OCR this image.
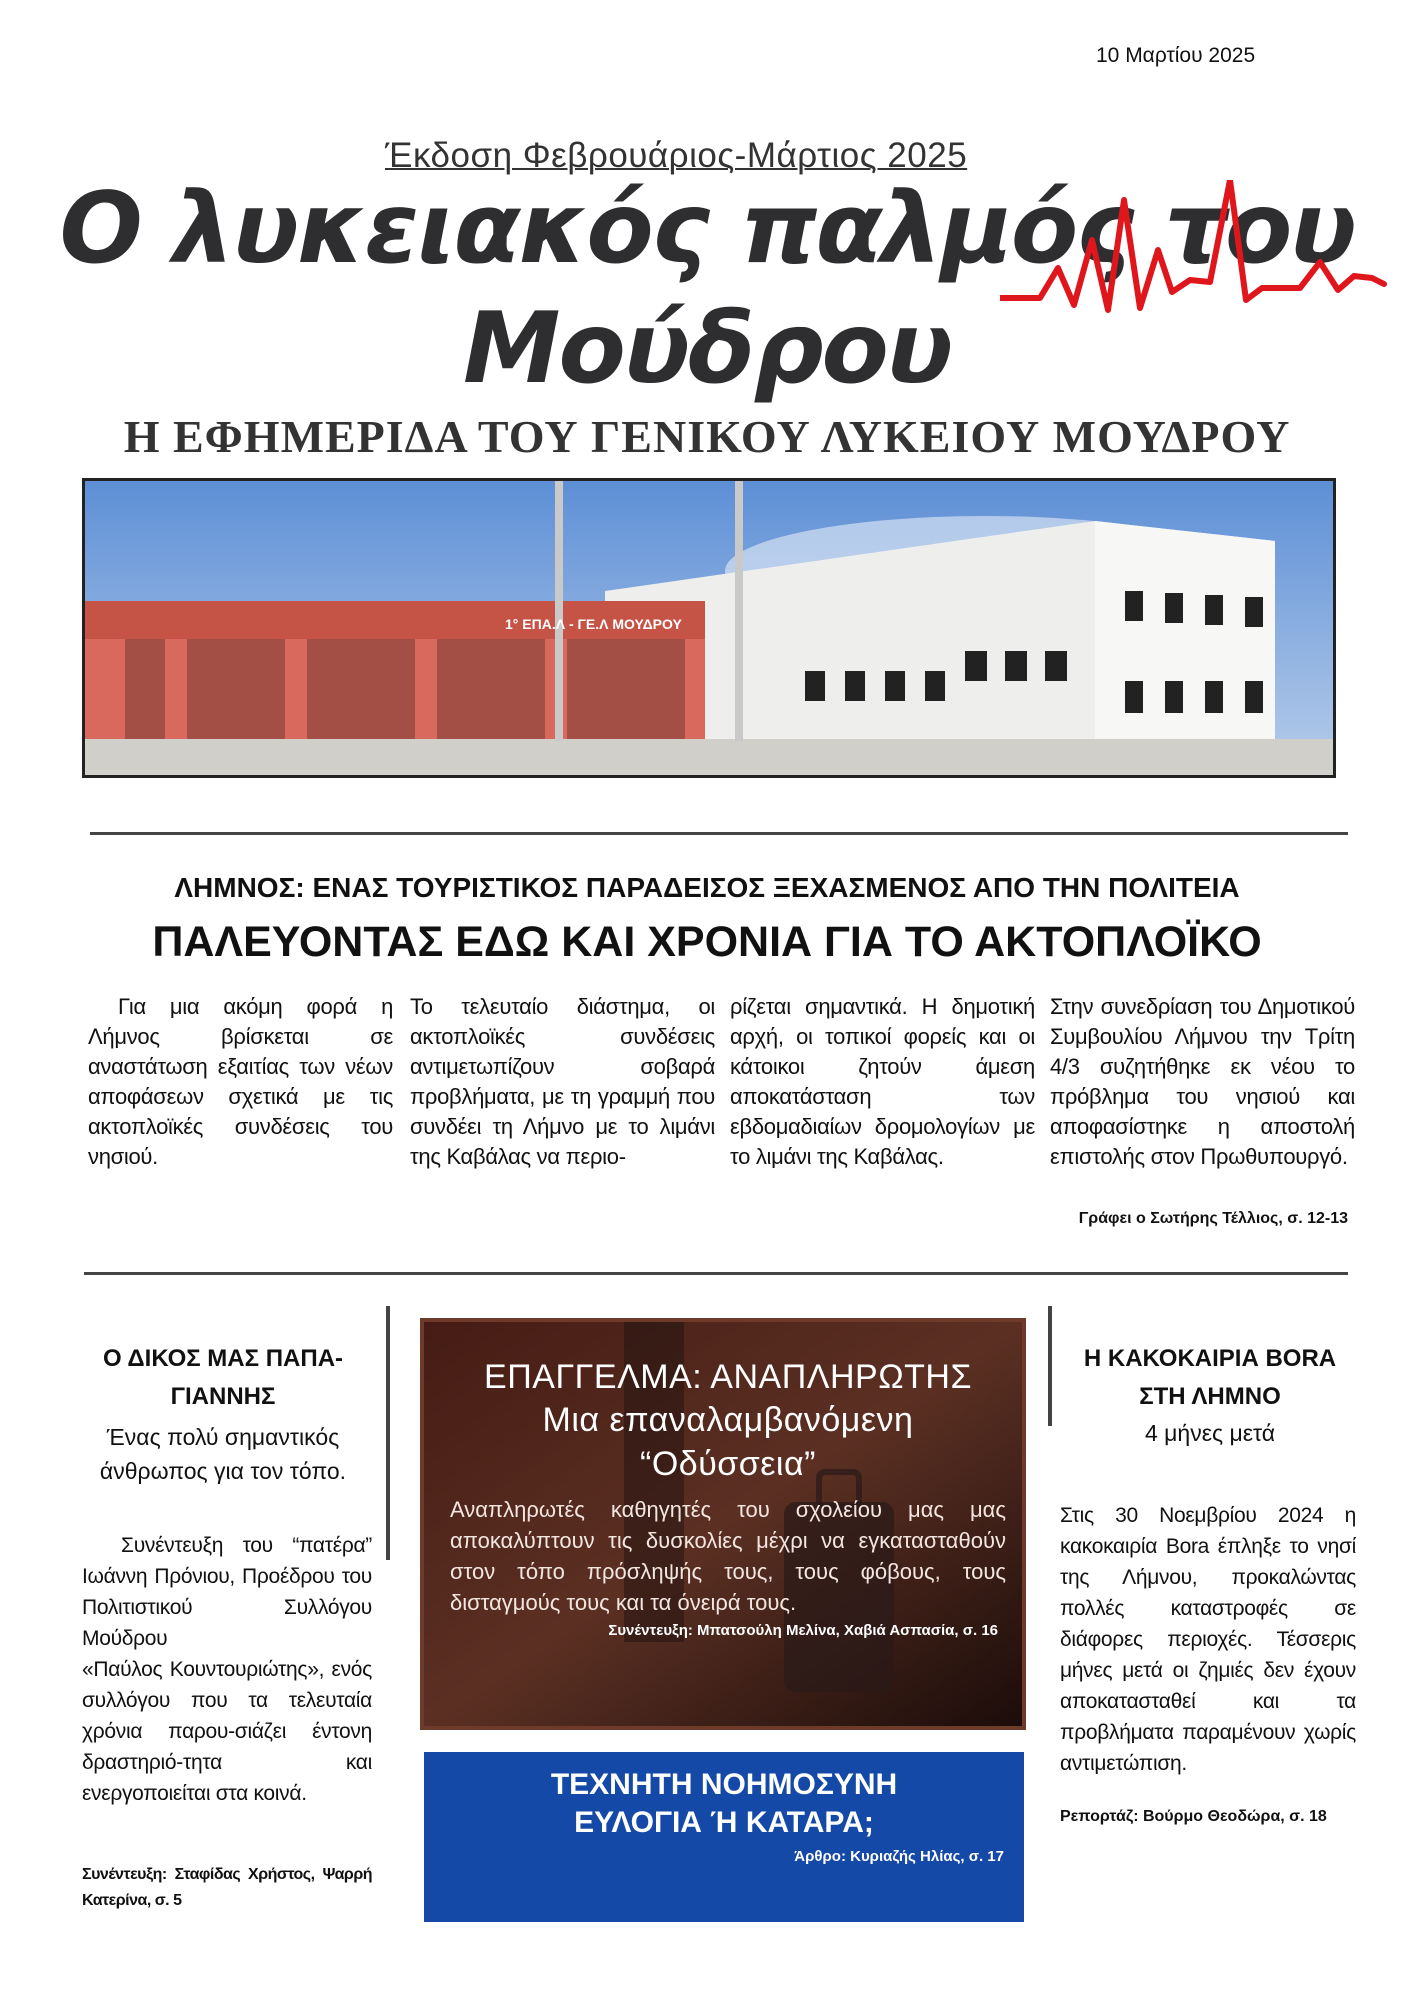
10 Μαρτίου 2025
Έκδοση Φεβρουάριος-Μάρτιος 2025
Ο λυκειακός παλμός του
Μούδρου
Η ΕΦΗΜΕΡΙΔΑ ΤΟΥ ΓΕΝΙΚΟΥ ΛΥΚΕΙΟΥ ΜΟΥΔΡΟΥ
1° ΕΠΑ.Λ - ΓΕ.Λ ΜΟΥΔΡΟΥ
ΛΗΜΝΟΣ: ΕΝΑΣ ΤΟΥΡΙΣΤΙΚΟΣ ΠΑΡΑΔΕΙΣΟΣ ΞΕΧΑΣΜΕΝΟΣ ΑΠΟ ΤΗΝ ΠΟΛΙΤΕΙΑ
ΠΑΛΕΥΟΝΤΑΣ ΕΔΩ ΚΑΙ ΧΡΟΝΙΑ ΓΙΑ ΤΟ ΑΚΤΟΠΛΟΪΚΟ
Για μια ακόμη φορά η Λήμνος βρίσκεται σε αναστάτωση εξαιτίας των νέων αποφάσεων σχετικά με τις ακτοπλοϊκές συνδέσεις του νησιού.
Το τελευταίο διάστημα, οι ακτοπλοϊκές συνδέσεις αντιμετωπίζουν σοβαρά προβλήματα, με τη γραμμή που συνδέει τη Λήμνο με το λιμάνι της Καβάλας να περιο-
ρίζεται σημαντικά. Η δημοτική αρχή, οι τοπικοί φορείς και οι κάτοικοι ζητούν άμεση αποκατάσταση των εβδομαδιαίων δρομολογίων με το λιμάνι της Καβάλας.
Στην συνεδρίαση του Δημοτικού Συμβουλίου Λήμνου την Τρίτη 4/3 συζητήθηκε εκ νέου το πρόβλημα του νησιού και αποφασίστηκε η αποστολή επιστολής στον Πρωθυπουργό.
Γράφει ο Σωτήρης Τέλλιος, σ. 12-13
Ο ΔΙΚΟΣ ΜΑΣ ΠΑΠΑ-ΓΙΑΝΝΗΣ
Ένας πολύ σημαντικός άνθρωπος για τον τόπο.

Συνέντευξη του “πατέρα” Ιωάννη Πρόνιου, Προέδρου του Πολιτιστικού Συλλόγου Μούδρου

«Παύλος Κουντουριώτης», ενός συλλόγου που τα τελευταία χρόνια παρου-σιάζει έντονη δραστηριό-τητα και ενεργοποιείται στα κοινά.

Συνέντευξη: Σταφίδας Χρήστος, Ψαρρή Κατερίνα, σ. 5
ΕΠΑΓΓΕΛΜΑ: ΑΝΑΠΛΗΡΩΤΗΣ
Μια επαναλαμβανόμενη
“Οδύσσεια”
Αναπληρωτές καθηγητές του σχολείου μας μας αποκαλύπτουν τις δυσκολίες μέχρι να εγκατασταθούν στον τόπο πρόσληψής τους, τους φόβους, τους δισταγμούς τους και τα όνειρά τους.
Συνέντευξη: Μπατσούλη Μελίνα, Χαβιά Ασπασία, σ. 16
ΤΕΧΝΗΤΗ ΝΟΗΜΟΣΥΝΗ
ΕΥΛΟΓΙΑ Ή ΚΑΤΑΡΑ;
Άρθρο: Κυριαζής Ηλίας, σ. 17
Η ΚΑΚΟΚΑΙΡΙΑ BORA ΣΤΗ ΛΗΜΝΟ
4 μήνες μετά
Στις 30 Νοεμβρίου 2024 η κακοκαιρία Bora έπληξε το νησί της Λήμνου, προκαλώντας πολλές καταστροφές σε διάφορες περιοχές. Τέσσερις μήνες μετά οι ζημιές δεν έχουν αποκατασταθεί και τα προβλήματα παραμένουν χωρίς αντιμετώπιση.
Ρεπορτάζ: Βούρμο Θεοδώρα, σ. 18
